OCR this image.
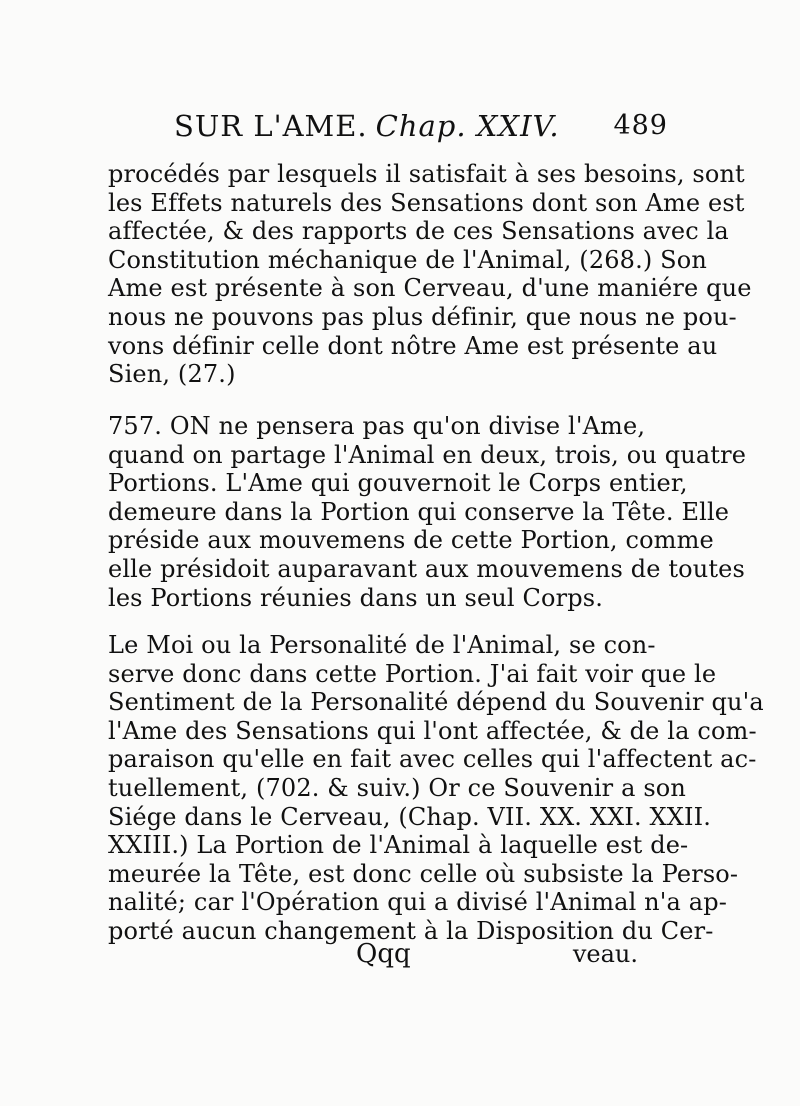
SUR L'AME. Chap. XXIV. 489
procédés par lesquels il satisfait à ses besoins, sont
les Effets naturels des Sensations dont son Ame est
affectée, & des rapports de ces Sensations avec la
Constitution méchanique de l'Animal, (268.) Son
Ame est présente à son Cerveau, d'une maniére que
nous ne pouvons pas plus définir, que nous ne pou-
vons définir celle dont nôtre Ame est présente au
Sien, (27.)
757. ON ne pensera pas qu'on divise l'Ame,
quand on partage l'Animal en deux, trois, ou quatre
Portions. L'Ame qui gouvernoit le Corps entier,
demeure dans la Portion qui conserve la Tête. Elle
préside aux mouvemens de cette Portion, comme
elle présidoit auparavant aux mouvemens de toutes
les Portions réunies dans un seul Corps.
Le Moi ou la Personalité de l'Animal, se con-
serve donc dans cette Portion. J'ai fait voir que le
Sentiment de la Personalité dépend du Souvenir qu'a
l'Ame des Sensations qui l'ont affectée, & de la com-
paraison qu'elle en fait avec celles qui l'affectent ac-
tuellement, (702. & suiv.) Or ce Souvenir a son
Siége dans le Cerveau, (Chap. VII. XX. XXI. XXII.
XXIII.) La Portion de l'Animal à laquelle est de-
meurée la Tête, est donc celle où subsiste la Perso-
nalité; car l'Opération qui a divisé l'Animal n'a ap-
porté aucun changement à la Disposition du Cer-
Qqq	veau.
